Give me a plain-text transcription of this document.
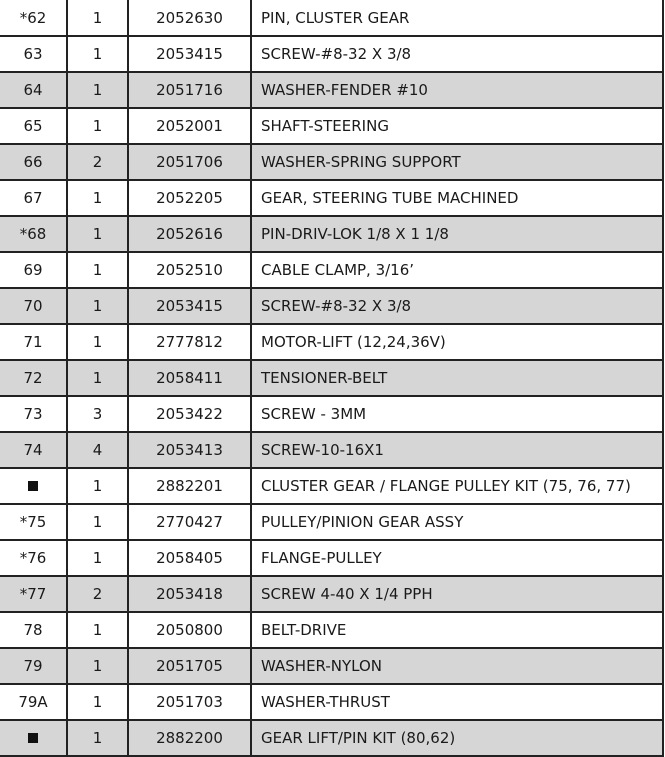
*62	1	2052630	PIN, CLUSTER GEAR
63	1	2053415	SCREW-#8-32 X 3/8
64	1	2051716	WASHER-FENDER #10
65	1	2052001	SHAFT-STEERING
66	2	2051706	WASHER-SPRING SUPPORT
67	1	2052205	GEAR, STEERING TUBE MACHINED
*68	1	2052616	PIN-DRIV-LOK 1/8 X 1 1/8
69	1	2052510	CABLE CLAMP, 3/16’
70	1	2053415	SCREW-#8-32 X 3/8
71	1	2777812	MOTOR-LIFT (12,24,36V)
72	1	2058411	TENSIONER-BELT
73	3	2053422	SCREW - 3MM
74	4	2053413	SCREW-10-16X1
	1	2882201	CLUSTER GEAR / FLANGE PULLEY KIT (75, 76, 77)
*75	1	2770427	PULLEY/PINION GEAR ASSY
*76	1	2058405	FLANGE-PULLEY
*77	2	2053418	SCREW 4-40 X 1/4 PPH
78	1	2050800	BELT-DRIVE
79	1	2051705	WASHER-NYLON
79A	1	2051703	WASHER-THRUST
	1	2882200	GEAR LIFT/PIN KIT (80,62)
